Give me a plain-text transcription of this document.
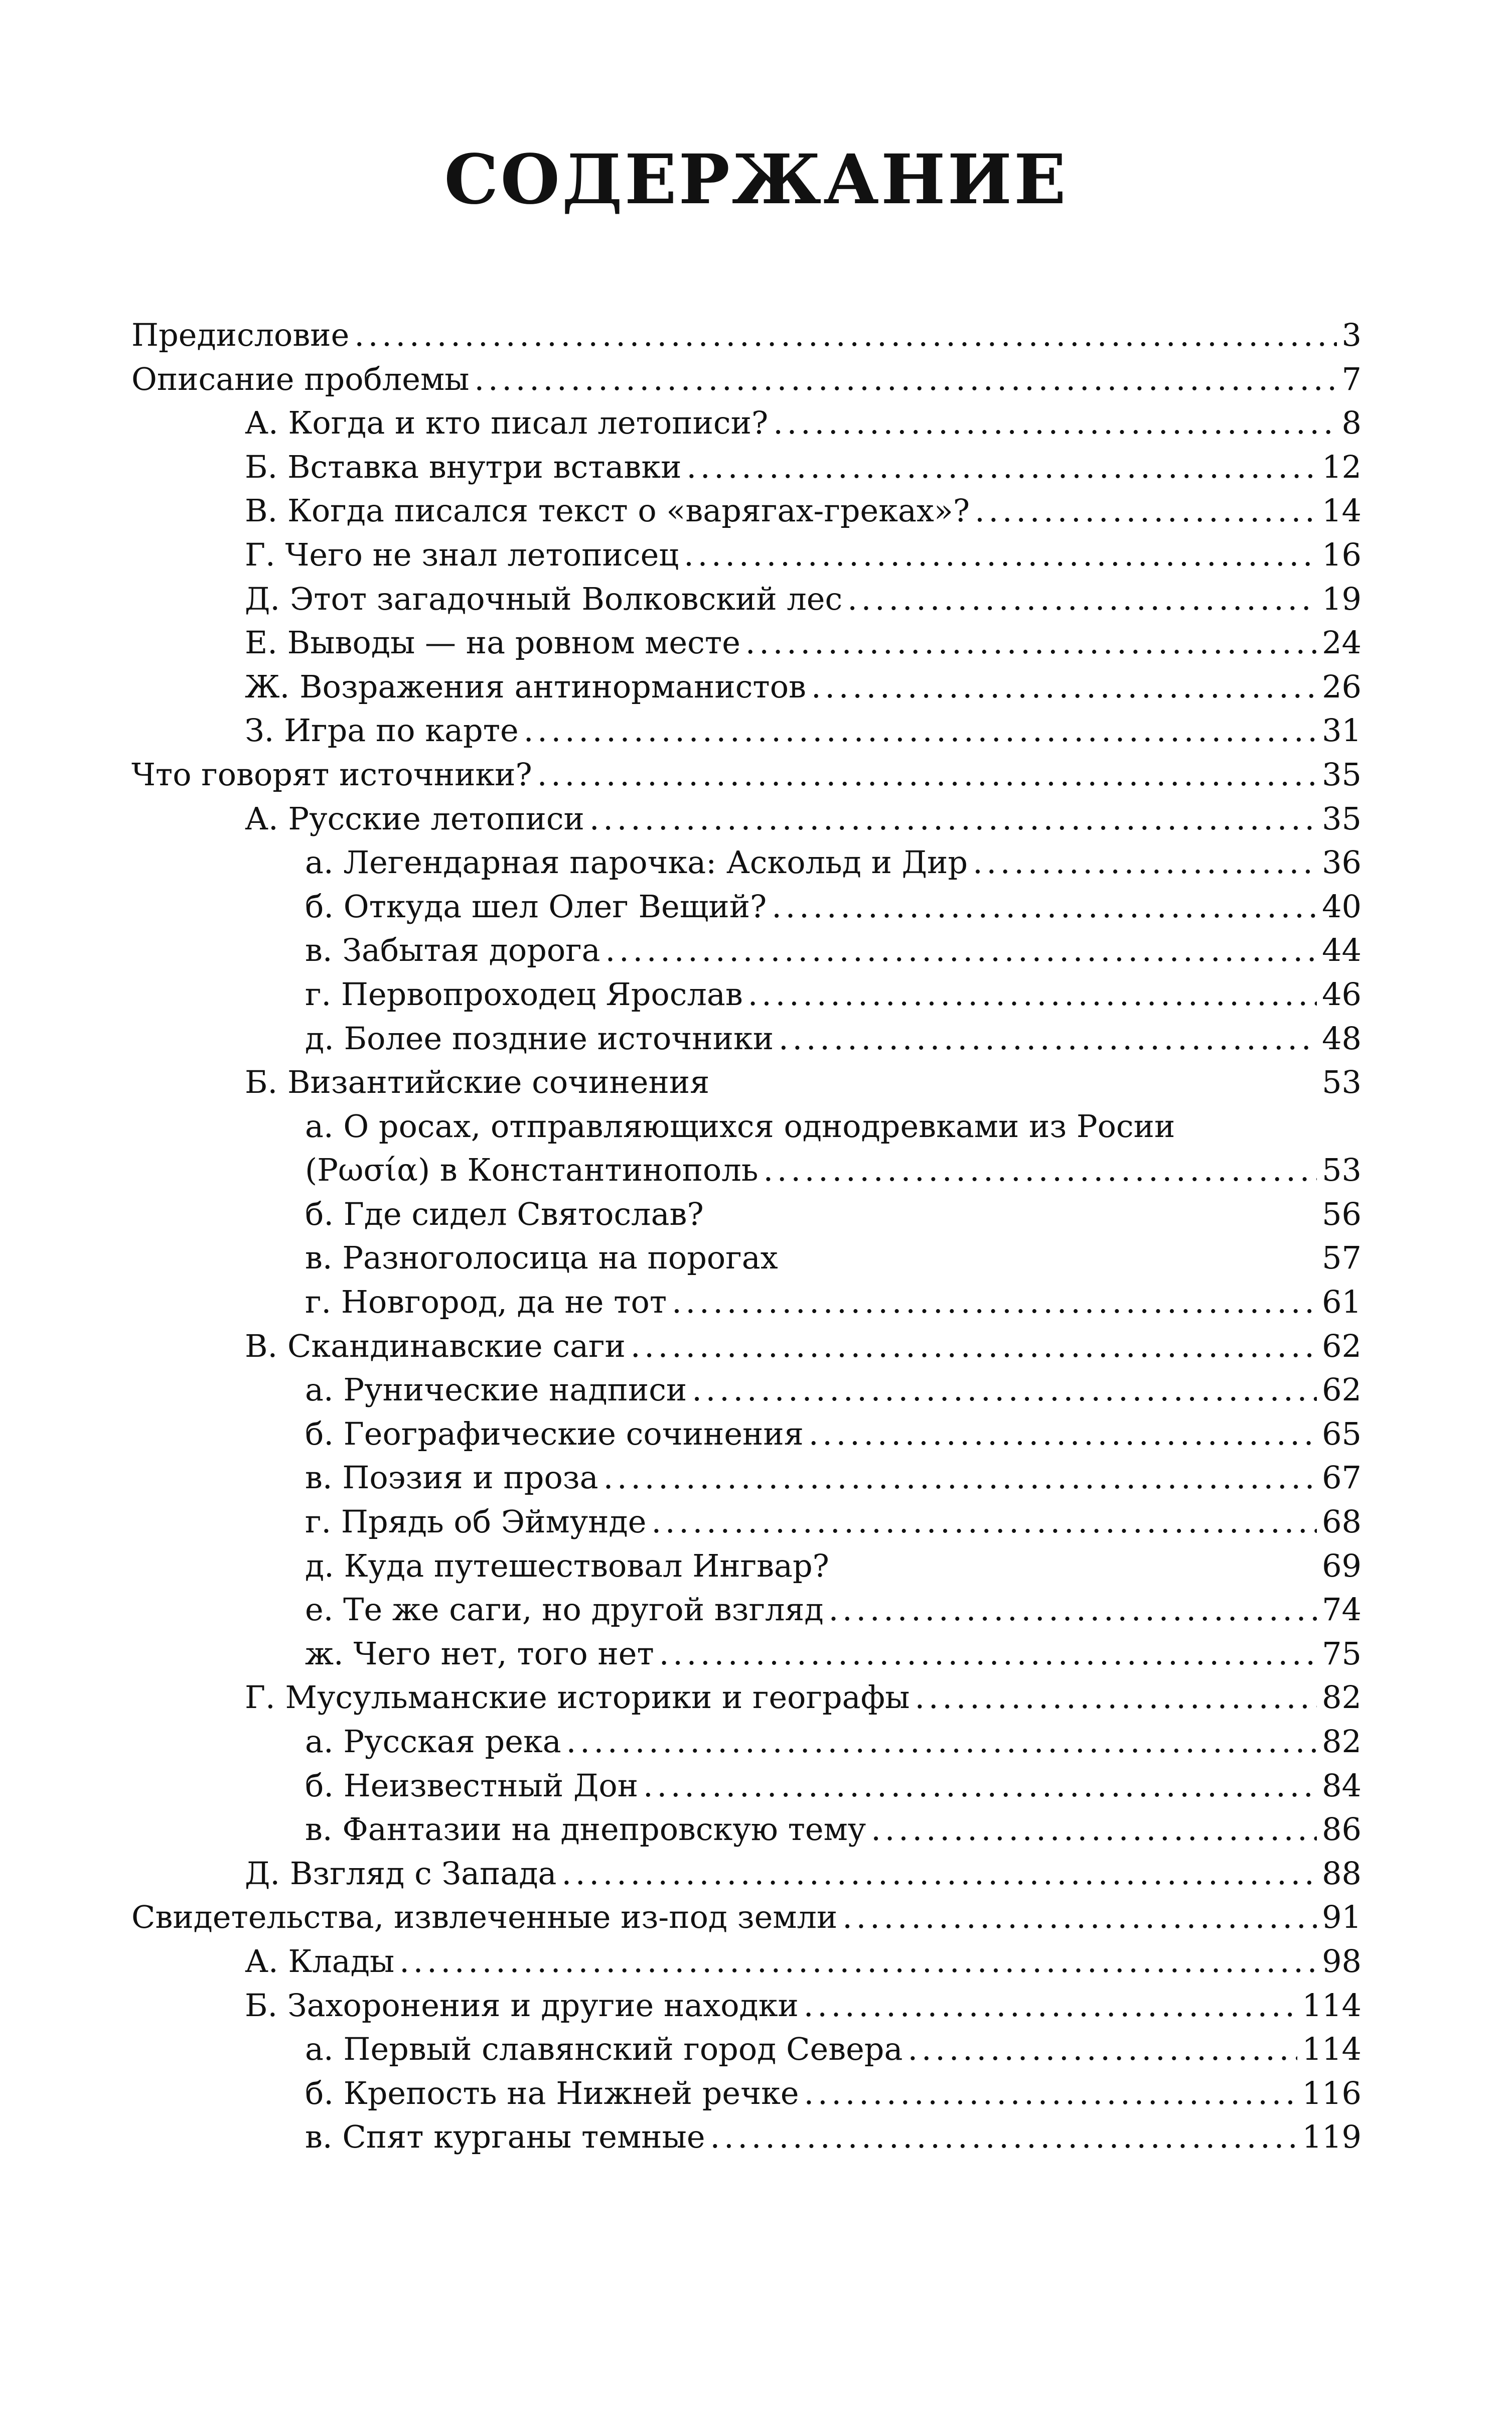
СОДЕРЖАНИЕ
Предисловие . . .	3
Описание проблемы . . .	7
А. Когда и кто писал летописи? . . .	8
Б. Вставка внутри вставки . . .	12
В. Когда писался текст о «варягах-греках»? . . .	14
Г. Чего не знал летописец . . .	16
Д. Этот загадочный Волковский лес . . .	19
Е. Выводы — на ровном месте . . .	24
Ж. Возражения антинорманистов . . .	26
З. Игра по карте . . .	31
Что говорят источники? . . .	35
А. Русские летописи . . .	35
а. Легендарная парочка: Аскольд и Дир . . .	36
б. Откуда шел Олег Вещий? . . .	40
в. Забытая дорога . . .	44
г. Первопроходец Ярослав . . .	46
д. Более поздние источники . . .	48
Б. Византийские сочинения	53
а. О росах, отправляющихся однодревками из Росии
(Ρωσία) в Константинополь . . .	53
б. Где сидел Святослав?	56
в. Разноголосица на порогах	57
г. Новгород, да не тот . . .	61
В. Скандинавские саги . . .	62
а. Рунические надписи . . .	62
б. Географические сочинения . . .	65
в. Поэзия и проза . . .	67
г. Прядь об Эймунде . . .	68
д. Куда путешествовал Ингвар?	69
е. Те же саги, но другой взгляд . . .	74
ж. Чего нет, того нет . . .	75
Г. Мусульманские историки и географы . . .	82
а. Русская река . . .	82
б. Неизвестный Дон . . .	84
в. Фантазии на днепровскую тему . . .	86
Д. Взгляд с Запада . . .	88
Свидетельства, извлеченные из-под земли . . .	91
А. Клады . . .	98
Б. Захоронения и другие находки . . .	114
а. Первый славянский город Севера . . .	114
б. Крепость на Нижней речке . . .	116
в. Спят курганы темные . . .	119
